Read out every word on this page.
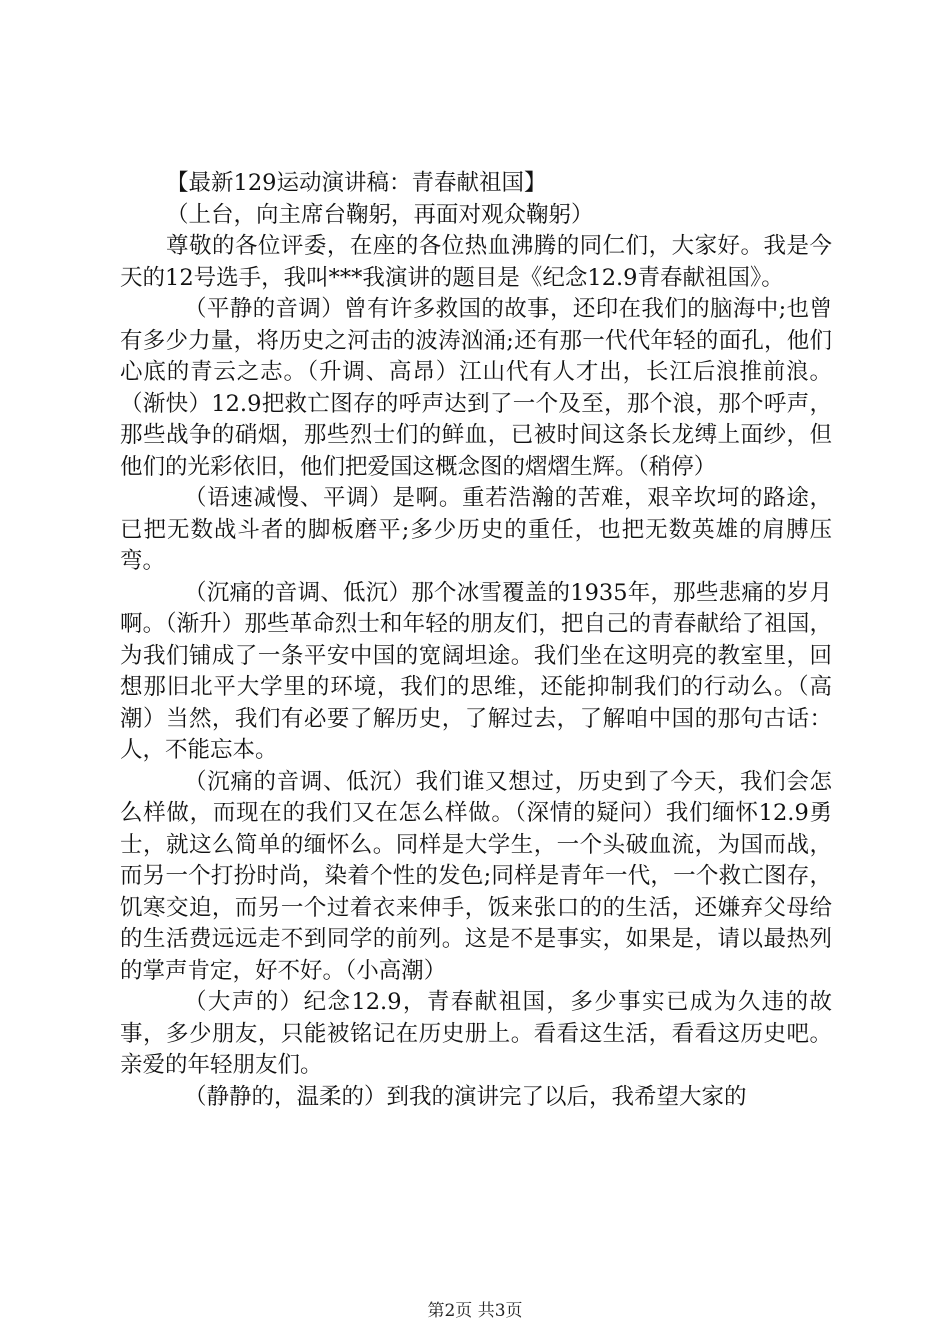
【最新129运动演讲稿：青春献祖国】

（上台，向主席台鞠躬，再面对观众鞠躬）

尊敬的各位评委，在座的各位热血沸腾的同仁们，大家好。我是今天的12号选手，我叫***我演讲的题目是《纪念12.9青春献祖国》。

（平静的音调）曾有许多救国的故事，还印在我们的脑海中;也曾有多少力量，将历史之河击的波涛汹涌;还有那一代代年轻的面孔，他们心底的青云之志。（升调、高昂）江山代有人才出，长江后浪推前浪。（渐快）12.9把救亡图存的呼声达到了一个及至，那个浪，那个呼声，那些战争的硝烟，那些烈士们的鲜血，已被时间这条长龙缚上面纱，但他们的光彩依旧，他们把爱国这概念图的熠熠生辉。（稍停）

（语速减慢、平调）是啊。重若浩瀚的苦难，艰辛坎坷的路途，已把无数战斗者的脚板磨平;多少历史的重任，也把无数英雄的肩膊压弯。

（沉痛的音调、低沉）那个冰雪覆盖的1935年，那些悲痛的岁月啊。（渐升）那些革命烈士和年轻的朋友们，把自己的青春献给了祖国，为我们铺成了一条平安中国的宽阔坦途。我们坐在这明亮的教室里，回想那旧北平大学里的环境，我们的思维，还能抑制我们的行动么。（高潮）当然，我们有必要了解历史，了解过去，了解咱中国的那句古话：人，不能忘本。

（沉痛的音调、低沉）我们谁又想过，历史到了今天，我们会怎么样做，而现在的我们又在怎么样做。（深情的疑问）我们缅怀12.9勇士，就这么简单的缅怀么。同样是大学生，一个头破血流，为国而战，而另一个打扮时尚，染着个性的发色;同样是青年一代，一个救亡图存，饥寒交迫，而另一个过着衣来伸手，饭来张口的的生活，还嫌弃父母给的生活费远远走不到同学的前列。这是不是事实，如果是，请以最热列的掌声肯定，好不好。（小高潮）

（大声的）纪念12.9，青春献祖国，多少事实已成为久违的故事，多少朋友，只能被铭记在历史册上。看看这生活，看看这历史吧。亲爱的年轻朋友们。

（静静的，温柔的）到我的演讲完了以后，我希望大家的

第2页 共3页
